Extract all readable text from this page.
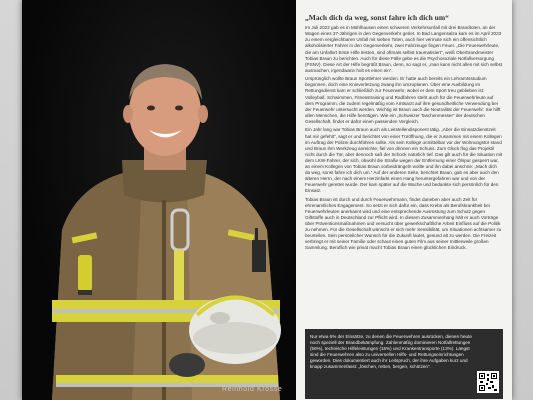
Reinhold Krosse

„Mach dich da weg, sonst fahre ich dich um“

Im Juli 2022 gab es in Mühlhausen einen schweren Verkehrsunfall mit drei Brandtoten, an der Wagen eines 37-Jährigen in den Gegenverkehr geriet. In Bad Langensalza kam es im April 2023 zu einem vergleichbaren Unfall mit sieben Toten, auch hier vermute sich ein offensichtlich alkoholisierter Fahrer in den Gegenverkehr, zwei Fahrzeuge fingen Feuer. „Die Feuerwehrleute, die am Unfallort Erste Hilfe leisten, sind oftmals selbst traumatisiert“, weiß Oberbrandmeister Tobias Braun zu berichten. Auch für diese Fälle gebe es die Psychosoziale Notfallversorgung (PSNV). Diese Art der Hilfe begrüßt Braun, denn, so sagt er, „man kann nicht alles mit sich selbst ausmachen, irgendwann holt es einen ein“.

Ursprünglich wollte Braun Sportlehrer werden. Er hatte auch bereits ein Lehramtsstudium begonnen, doch eine Knieverletzung zwang ihn umzuplanen. Über eine Ausbildung im Rettungsdienst kam er schließlich zur Feuerwehr, wobei er dem Sport treu geblieben ist: Volleyball, Schwimmen, Fitnesstraining und Radfahren steht auch für die Feuerwehrleute auf dem Programm, die zudem regelmäßig vom Amtsarzt auf ihre gesundheitliche Verwendung bei der Feuerwehr untersucht werden. Wichtig ist Braun auch die Neutralität der Feuerwehr: Sie hilft allen Menschen, die Hilfe benötigen. Wie ein „Schweizer Taschenmesser“ der deutschen Gesellschaft, findet er dafür einen passenden Vergleich.

Ein Jahr lang war Tobias Braun auch als Leitstellendisponent tätig. „Aber die Einsatzdienstzeit hat mir gefehlt“, sagt er und berichtet von einer Türöffnung, die er zusammen mit einem Kollegen im Auftrag der Polizei durchführen sollte. Als sein Kollege unmittelbar vor der Wohnungstür stand und Braun ihm Werkzeug anreichte, fiel von drinnen ein Schuss. Zum Glück flog das Projektil nicht durch die Tür, aber dennoch saß der Schock natürlich tief. Das gilt auch für die Situation mit dem LKW-Fahrer, der sich, obwohl die Straße wegen der Entfernung einer Ölspur gesperrt war, an einem Kollegen von Tobias Braun vorbeidrängeln wollte und ihn dabei anschrie: „Mach dich da weg, sonst fahre ich dich um.“ Auf der anderen Seite, berichtet Braun, gab es aber auch den älteren Herrn, der nach einem Herzinfarkt einen Hang heruntergefahren war und von der Feuerwehr gerettet wurde. Der kam später auf die Wache und bedankte sich persönlich für den Einsatz.

Tobias Braun ist durch und durch Feuerwehrmann, findet daneben aber auch Zeit für ehrenamtliches Engagement. So setzt er sich dafür ein, dass Krebs als Berufskrankheit bei Feuerwehrleuten anerkannt wird und eine entsprechende Ausrüstung zum Schutz gegen Giftstoffe auch in Deutschland zur Pflicht wird. In diesem Zusammenhang hält er auch Vorträge über Präventionsmaßnahmen und versucht über gewerkschaftliche Arbeit Einfluss auf die Politik zu nehmen. Für die Gesellschaft wünscht er sich mehr Sensibilität, um Situationen achtsamer zu beurteilen. Sein persönlicher Wunsch für die Zukunft lautet, gesund alt zu werden. Die Freizeit verbringt er mit seiner Familie oder schaut einen guten Film aus seiner mittlerweile großen Sammlung. Beruflich wie privat macht Tobias Braun einen glücklichen Eindruck.

Nur etwa 6% der Einsätze, zu denen die Feuerwehren ausrücken, dienen heute noch speziell der Brandbekämpfung. Zahlenmäßig dominieren Notfallrettungen (56%), technische Hilfeleistungen (15%) und Krankentransporte (13%). Längst sind die Feuerwehren also zu universellen Hilfs- und Rettungseinrichtungen geworden. Dies dokumentiert auch ihr Leitspruch, der ihre Aufgaben kurz und knapp zusammenfasst: „löschen, retten, bergen, schützen“.
